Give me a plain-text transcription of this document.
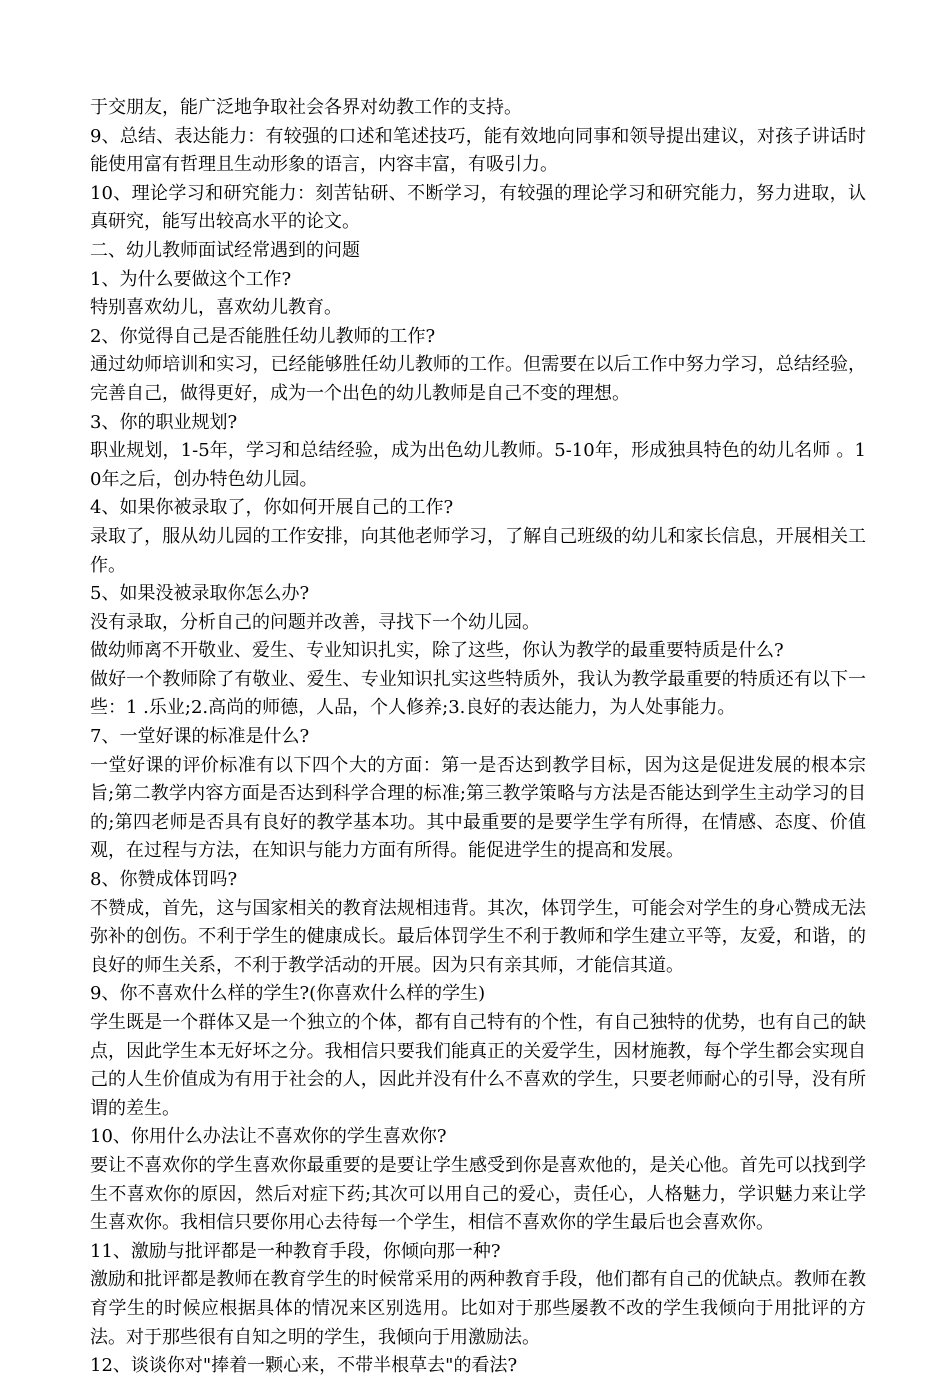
于交朋友，能广泛地争取社会各界对幼教工作的支持。

9、总结、表达能力：有较强的口述和笔述技巧，能有效地向同事和领导提出建议，对孩子讲话时能使用富有哲理且生动形象的语言，内容丰富，有吸引力。

10、理论学习和研究能力：刻苦钻研、不断学习，有较强的理论学习和研究能力，努力进取，认真研究，能写出较高水平的论文。

二、幼儿教师面试经常遇到的问题

1、为什么要做这个工作?

特别喜欢幼儿，喜欢幼儿教育。

2、你觉得自己是否能胜任幼儿教师的工作?

通过幼师培训和实习，已经能够胜任幼儿教师的工作。但需要在以后工作中努力学习，总结经验，完善自己，做得更好，成为一个出色的幼儿教师是自己不变的理想。

3、你的职业规划?

职业规划，1-5年，学习和总结经验，成为出色幼儿教师。5-10年，形成独具特色的幼儿名师 。10年之后，创办特色幼儿园。

4、如果你被录取了，你如何开展自己的工作?

录取了，服从幼儿园的工作安排，向其他老师学习，了解自己班级的幼儿和家长信息，开展相关工作。

5、如果没被录取你怎么办?

没有录取，分析自己的问题并改善，寻找下一个幼儿园。

做幼师离不开敬业、爱生、专业知识扎实，除了这些，你认为教学的最重要特质是什么?

做好一个教师除了有敬业、爱生、专业知识扎实这些特质外，我认为教学最重要的特质还有以下一些：1 .乐业;2.高尚的师德，人品，个人修养;3.良好的表达能力，为人处事能力。

7、一堂好课的标准是什么?

一堂好课的评价标准有以下四个大的方面：第一是否达到教学目标，因为这是促进发展的根本宗旨;第二教学内容方面是否达到科学合理的标准;第三教学策略与方法是否能达到学生主动学习的目的;第四老师是否具有良好的教学基本功。其中最重要的是要学生学有所得，在情感、态度、价值观，在过程与方法，在知识与能力方面有所得。能促进学生的提高和发展。

8、你赞成体罚吗?

不赞成，首先，这与国家相关的教育法规相违背。其次，体罚学生，可能会对学生的身心赞成无法弥补的创伤。不利于学生的健康成长。最后体罚学生不利于教师和学生建立平等，友爱，和谐，的良好的师生关系，不利于教学活动的开展。因为只有亲其师，才能信其道。

9、你不喜欢什么样的学生?(你喜欢什么样的学生)

学生既是一个群体又是一个独立的个体，都有自己特有的个性，有自己独特的优势，也有自己的缺点，因此学生本无好坏之分。我相信只要我们能真正的关爱学生，因材施教，每个学生都会实现自己的人生价值成为有用于社会的人，因此并没有什么不喜欢的学生，只要老师耐心的引导，没有所谓的差生。

10、你用什么办法让不喜欢你的学生喜欢你?

要让不喜欢你的学生喜欢你最重要的是要让学生感受到你是喜欢他的，是关心他。首先可以找到学生不喜欢你的原因，然后对症下药;其次可以用自己的爱心，责任心，人格魅力，学识魅力来让学生喜欢你。我相信只要你用心去待每一个学生，相信不喜欢你的学生最后也会喜欢你。

11、激励与批评都是一种教育手段，你倾向那一种?

激励和批评都是教师在教育学生的时候常采用的两种教育手段，他们都有自己的优缺点。教师在教育学生的时候应根据具体的情况来区别选用。比如对于那些屡教不改的学生我倾向于用批评的方法。对于那些很有自知之明的学生，我倾向于用激励法。

12、谈谈你对"捧着一颗心来，不带半根草去"的看法?
